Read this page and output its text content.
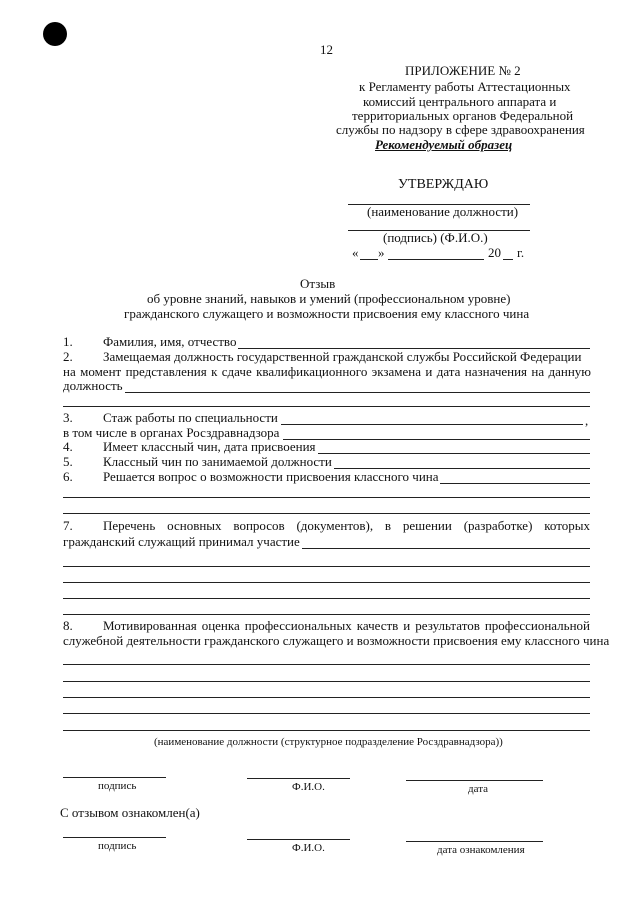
12
ПРИЛОЖЕНИЕ № 2
к Регламенту работы Аттестационных
комиссий центрального аппарата и
территориальных органов Федеральной
службы по надзору в сфере здравоохранения
Рекомендуемый образец
УТВЕРЖДАЮ
(наименование должности)
(подпись) (Ф.И.О.)
« »	20 г.
Отзыв
об уровне знаний, навыков и умений (профессиональном уровне)
гражданского служащего и возможности присвоения ему классного чина
1. Фамилия, имя, отчество
2. Замещаемая должность государственной гражданской службы Российской Федерации
на момент представления к сдаче квалификационного экзамена и дата назначения на данную
должность
3. Стаж работы по специальности	,
в том числе в органах Росздравнадзора
4. Имеет классный чин, дата присвоения
5. Классный чин по занимаемой должности
6. Решается вопрос о возможности присвоения классного чина
7. Перечень основных вопросов (документов), в решении (разработке) которых
гражданский служащий принимал участие
8. Мотивированная оценка профессиональных качеств и результатов профессиональной
служебной деятельности гражданского служащего и возможности присвоения ему классного чина
(наименование должности (структурное подразделение Росздравнадзора))
подпись	Ф.И.О.	дата
С отзывом ознакомлен(а)
подпись	Ф.И.О.	дата ознакомления
